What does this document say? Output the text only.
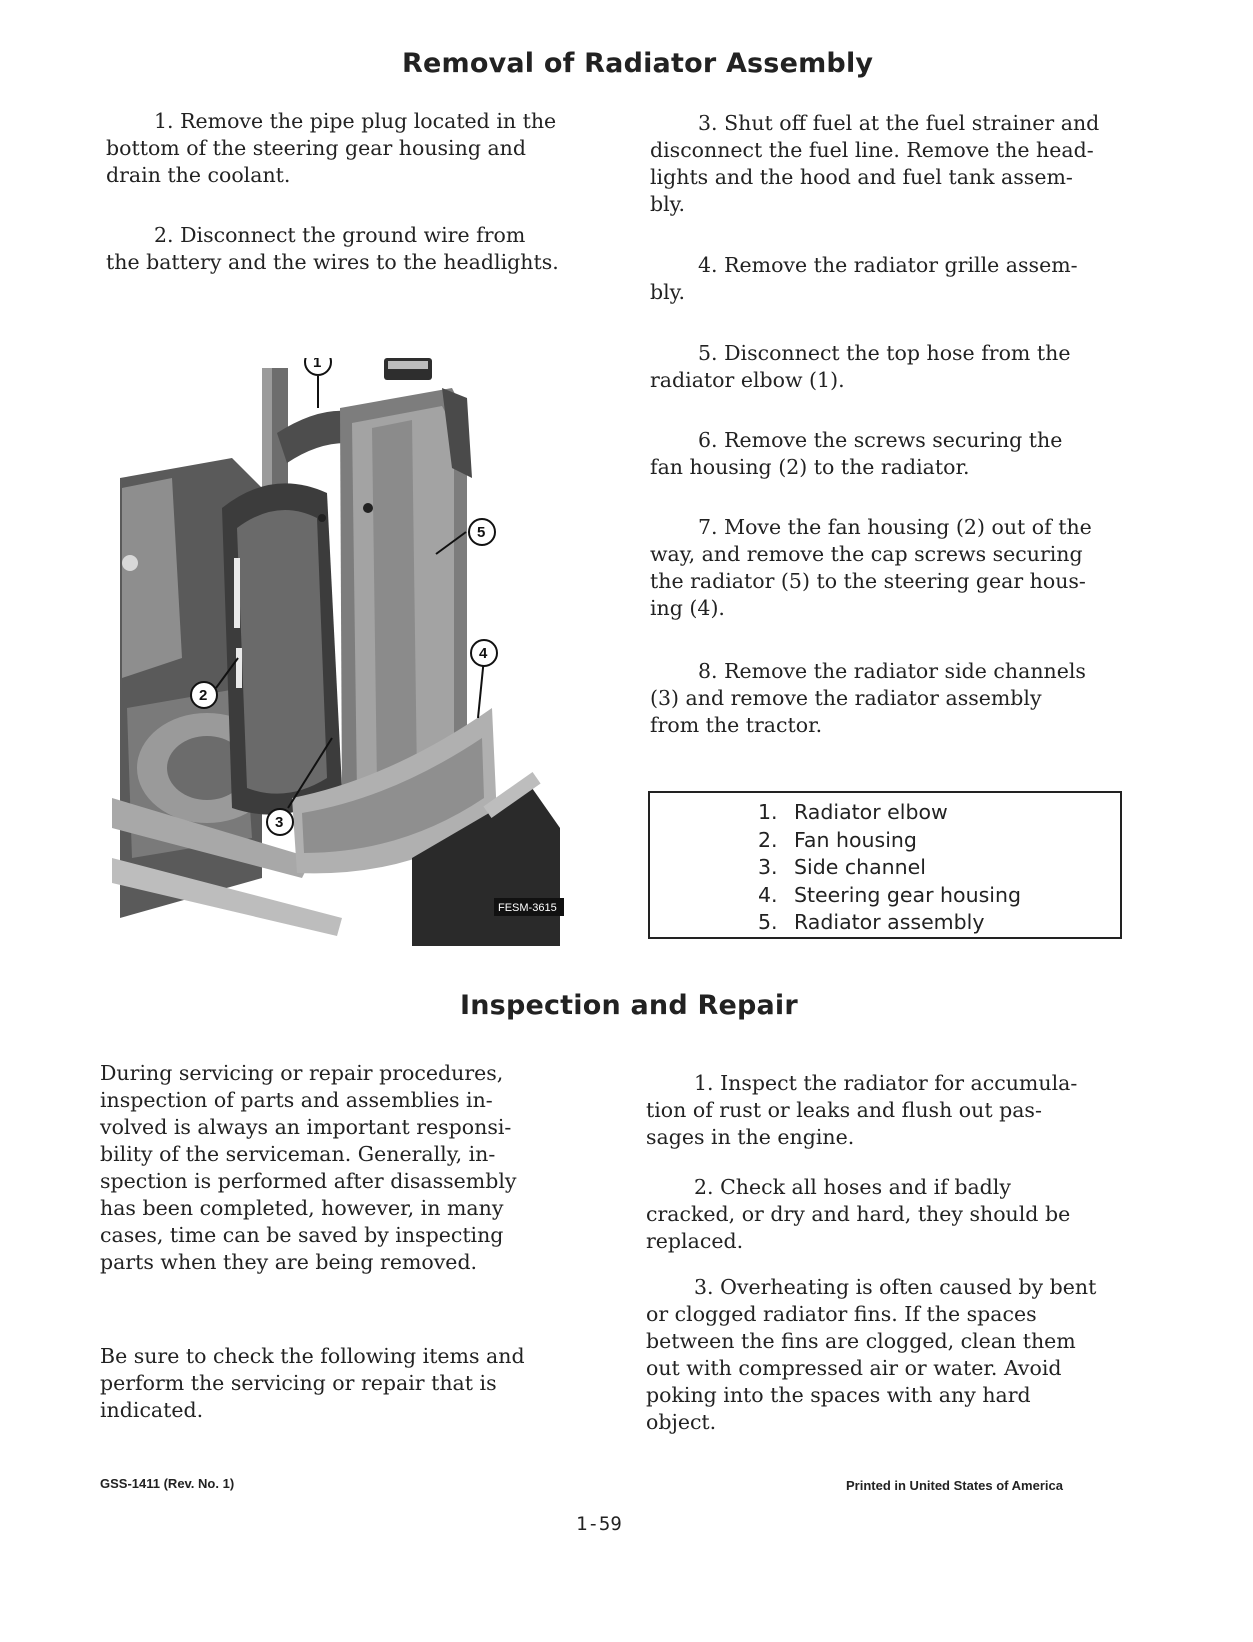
Removal of Radiator Assembly
1. Remove the pipe plug located in the
bottom of the steering gear housing and
drain the coolant.
2. Disconnect the ground wire from
the battery and the wires to the headlights.
3. Shut off fuel at the fuel strainer and
disconnect the fuel line. Remove the head-
lights and the hood and fuel tank assem-
bly.
4. Remove the radiator grille assem-
bly.
5. Disconnect the top hose from the
radiator elbow (1).
6. Remove the screws securing the
fan housing (2) to the radiator.
7. Move the fan housing (2) out of the
way, and remove the cap screws securing
the radiator (5) to the steering gear hous-
ing (4).
8. Remove the radiator side channels
(3) and remove the radiator assembly
from the tractor.
FESM-3615
1
5
4
2
3	1. Radiator elbow
2. Fan housing
3. Side channel
4. Steering gear housing
5. Radiator assembly
Inspection and Repair
During servicing or repair procedures,
inspection of parts and assemblies in-
volved is always an important responsi-
bility of the serviceman. Generally, in-
spection is performed after disassembly
has been completed, however, in many
cases, time can be saved by inspecting
parts when they are being removed.
Be sure to check the following items and
perform the servicing or repair that is
indicated.
1. Inspect the radiator for accumula-
tion of rust or leaks and flush out pas-
sages in the engine.
2. Check all hoses and if badly
cracked, or dry and hard, they should be
replaced.
3. Overheating is often caused by bent
or clogged radiator fins. If the spaces
between the fins are clogged, clean them
out with compressed air or water. Avoid
poking into the spaces with any hard
object.
GSS-1411 (Rev. No. 1)	Printed in United States of America
1-59
